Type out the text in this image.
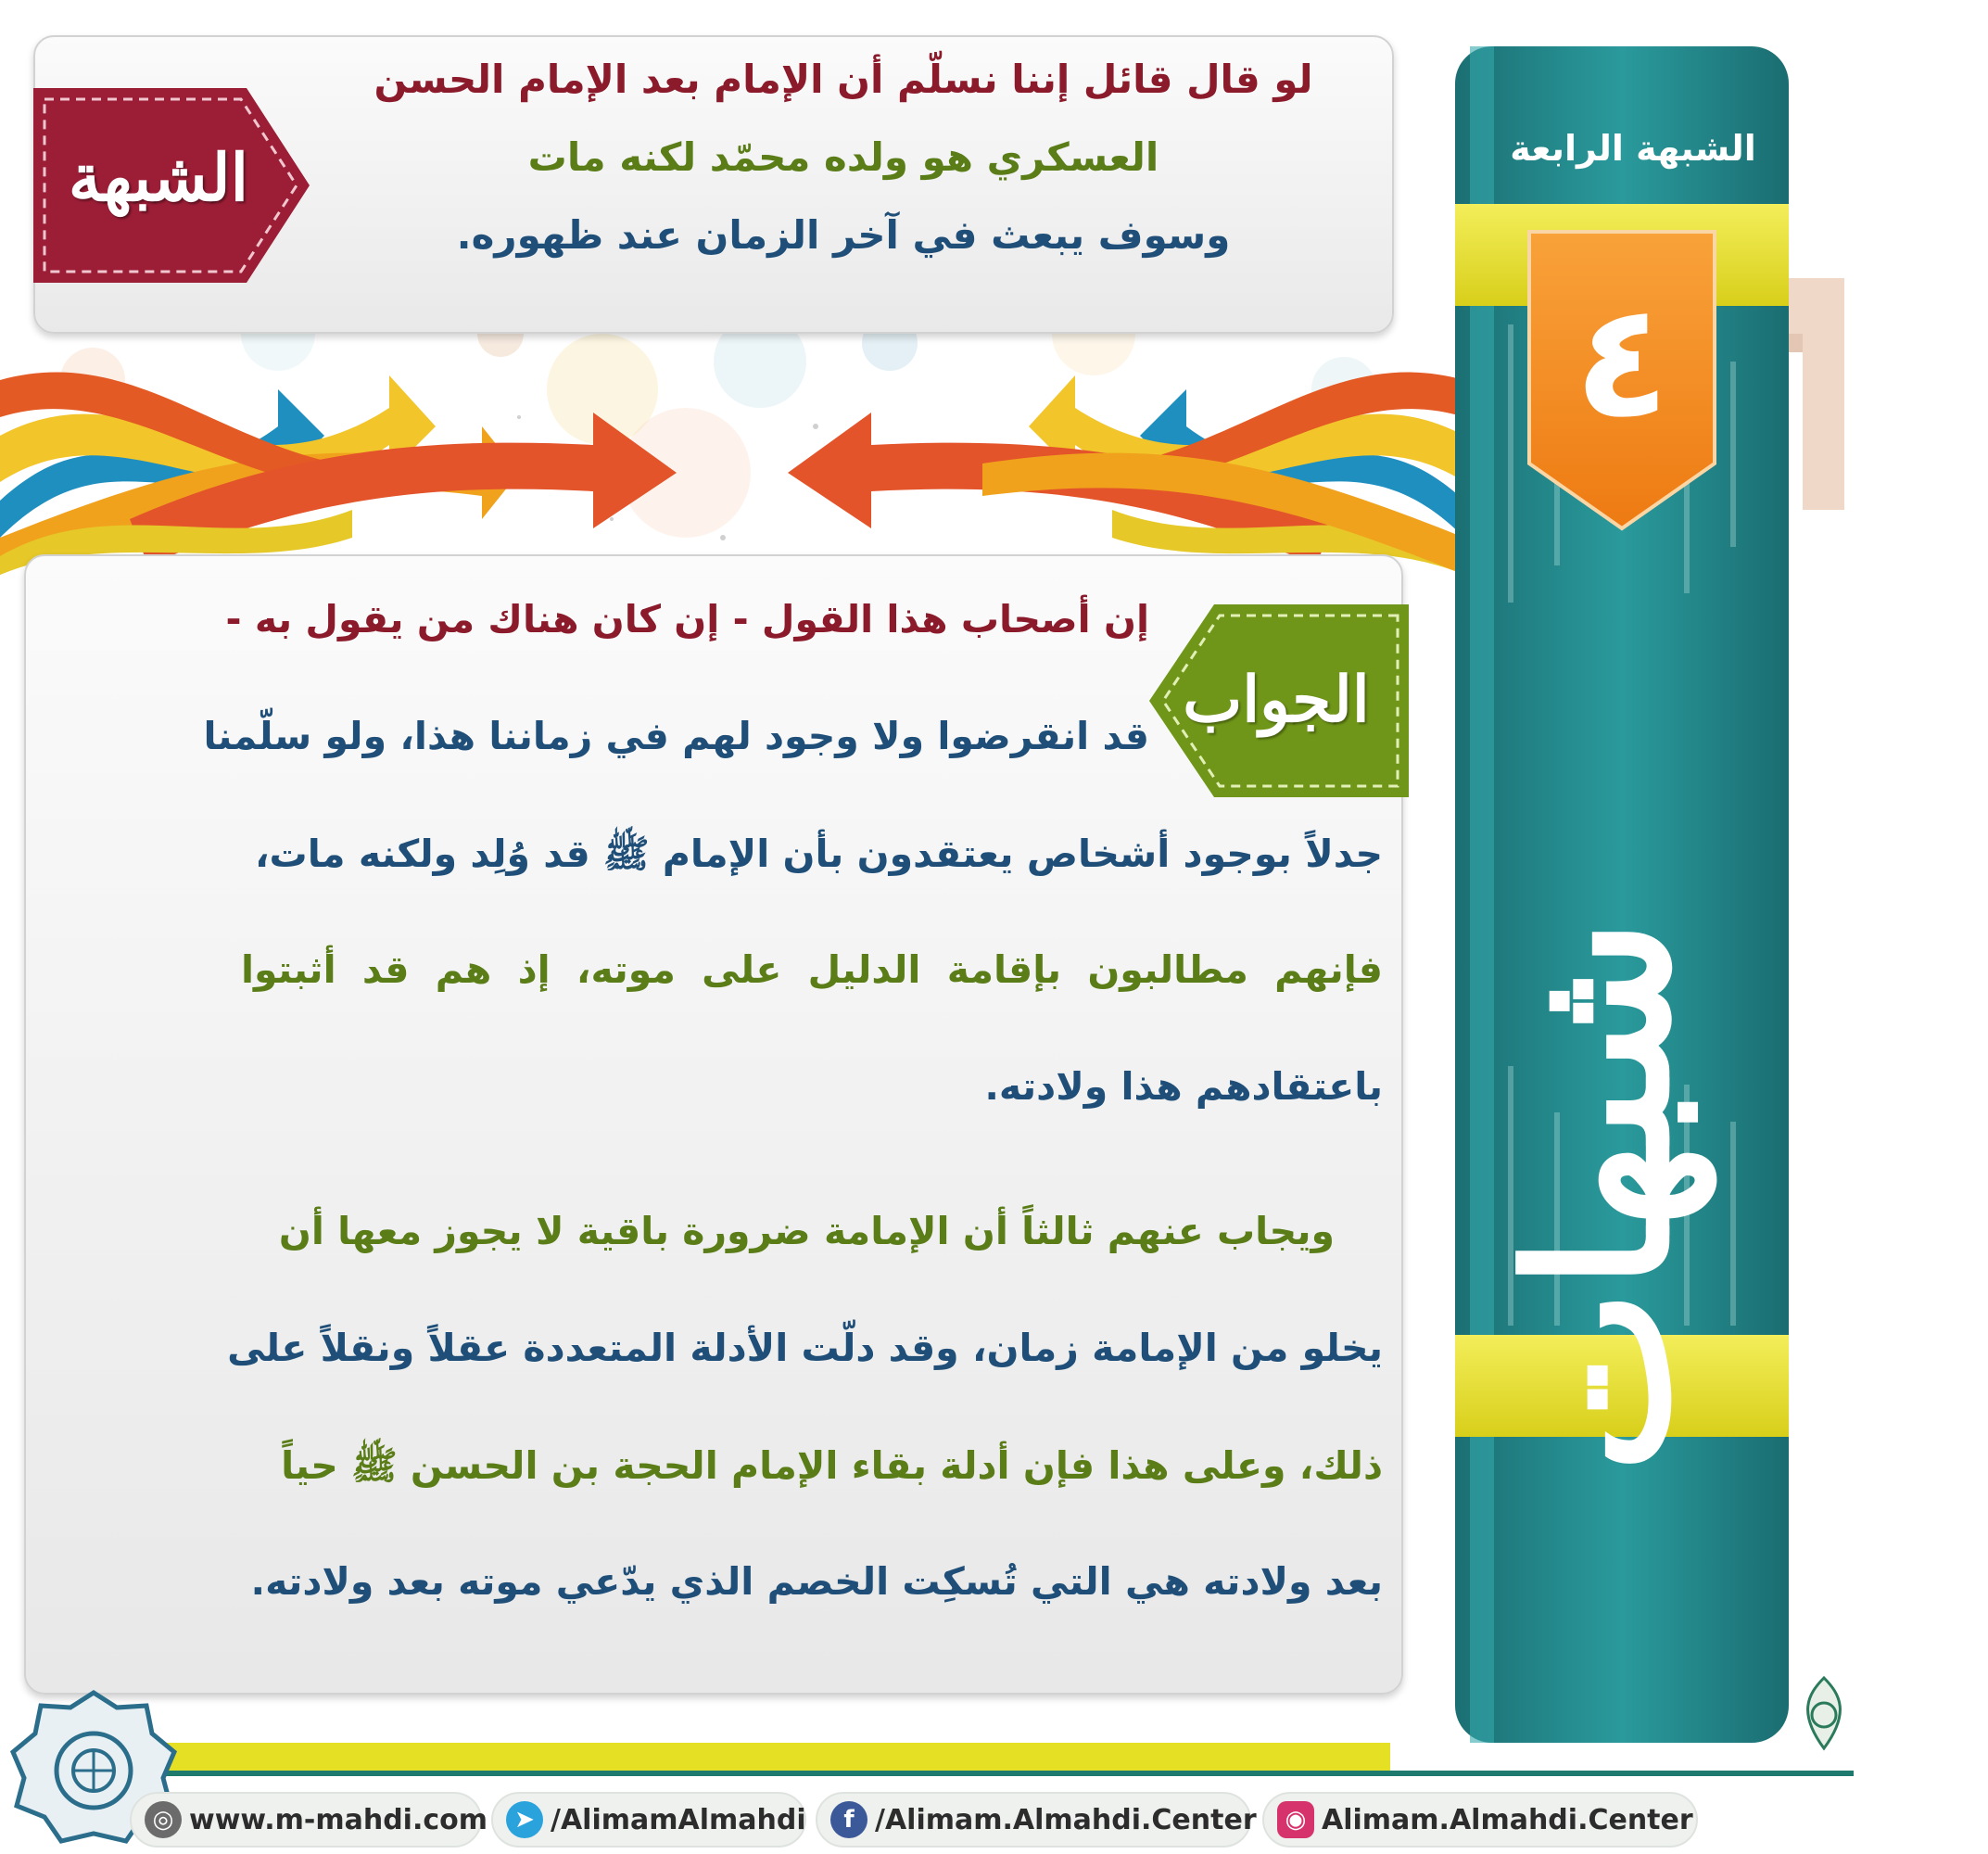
الشبهة
لو قال قائل إننا نسلّم أن الإمام بعد الإمام الحسن
العسكري هو ولده محمّد لكنه مات
وسوف يبعث في آخر الزمان عند ظهوره.
الجواب
إن أصحاب هذا القول - إن كان هناك من يقول به -
قد انقرضوا ولا وجود لهم في زماننا هذا، ولو سلّمنا
جدلاً بوجود أشخاص يعتقدون بأن الإمام ﷺ قد وُلِد ولكنه مات،
فإنهم مطالبون بإقامة الدليل على موته، إذ هم قد أثبتوا
باعتقادهم هذا ولادته.
ويجاب عنهم ثالثاً أن الإمامة ضرورة باقية لا يجوز معها أن
يخلو من الإمامة زمان، وقد دلّت الأدلة المتعددة عقلاً ونقلاً على
ذلك، وعلى هذا فإن أدلة بقاء الإمام الحجة بن الحسن ﷺ حياً
بعد ولادته هي التي تُسكِت الخصم الذي يدّعي موته بعد ولادته.
الشبهة الرابعة
٤
شبهات وردود
◎ www.m-mahdi.com	➤ /AlimamAlmahdi	f /Alimam.Almahdi.Center	◉ Alimam.Almahdi.Center
